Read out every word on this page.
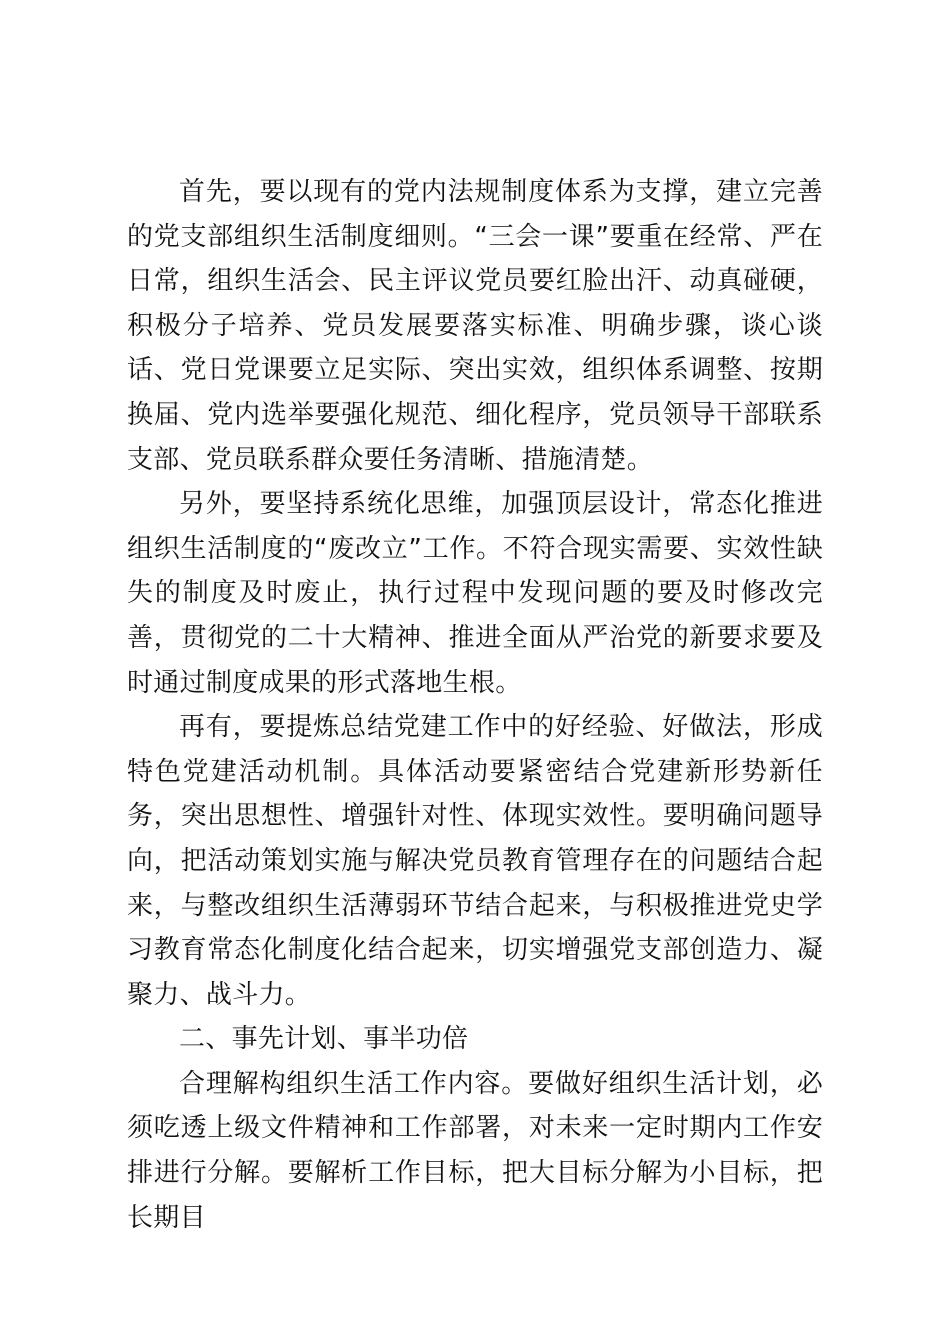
首先，要以现有的党内法规制度体系为支撑，建立完善的党支部组织生活制度细则。“三会一课”要重在经常、严在日常，组织生活会、民主评议党员要红脸出汗、动真碰硬，积极分子培养、党员发展要落实标准、明确步骤，谈心谈话、党日党课要立足实际、突出实效，组织体系调整、按期换届、党内选举要强化规范、细化程序，党员领导干部联系支部、党员联系群众要任务清晰、措施清楚。

另外，要坚持系统化思维，加强顶层设计，常态化推进组织生活制度的“废改立”工作。不符合现实需要、实效性缺失的制度及时废止，执行过程中发现问题的要及时修改完善，贯彻党的二十大精神、推进全面从严治党的新要求要及时通过制度成果的形式落地生根。

再有，要提炼总结党建工作中的好经验、好做法，形成特色党建活动机制。具体活动要紧密结合党建新形势新任务，突出思想性、增强针对性、体现实效性。要明确问题导向，把活动策划实施与解决党员教育管理存在的问题结合起来，与整改组织生活薄弱环节结合起来，与积极推进党史学习教育常态化制度化结合起来，切实增强党支部创造力、凝聚力、战斗力。

二、事先计划、事半功倍

合理解构组织生活工作内容。要做好组织生活计划，必须吃透上级文件精神和工作部署，对未来一定时期内工作安排进行分解。要解析工作目标，把大目标分解为小目标，把长期目
